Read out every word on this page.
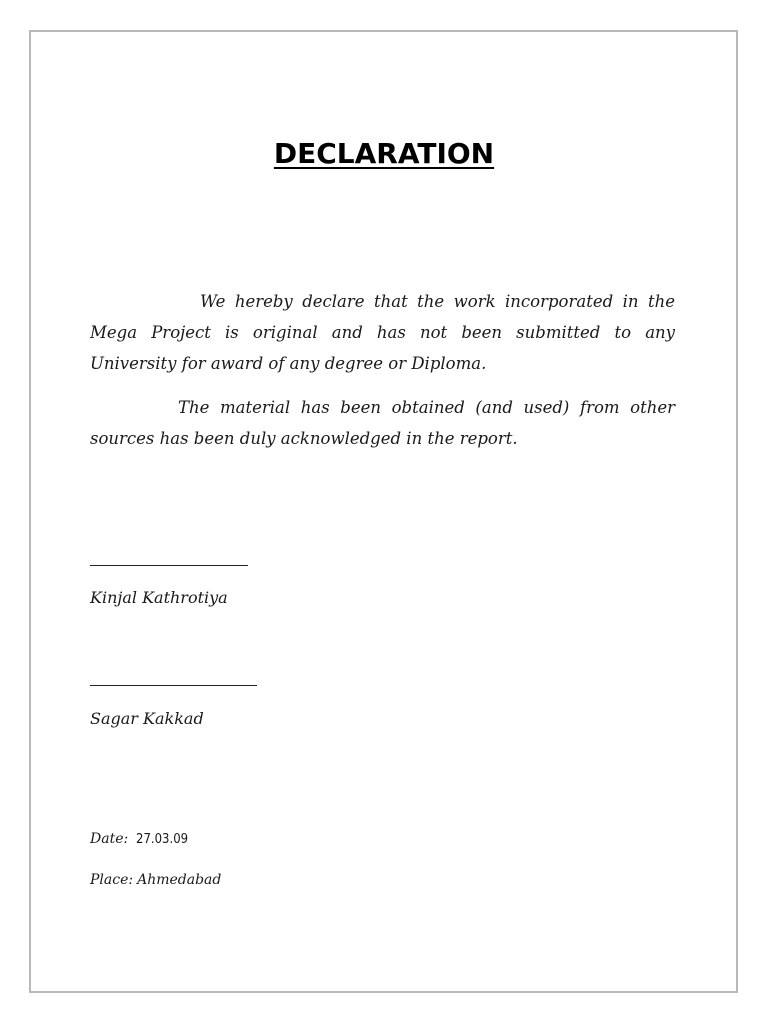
DECLARATION

We hereby declare that the work incorporated in the Mega Project is original and has not been submitted to any University for award of any degree or Diploma.

The material has been obtained (and used) from other sources has been duly acknowledged in the report.

Kinjal Kathrotiya
Sagar Kakkad
Date: 27.03.09
Place: Ahmedabad
